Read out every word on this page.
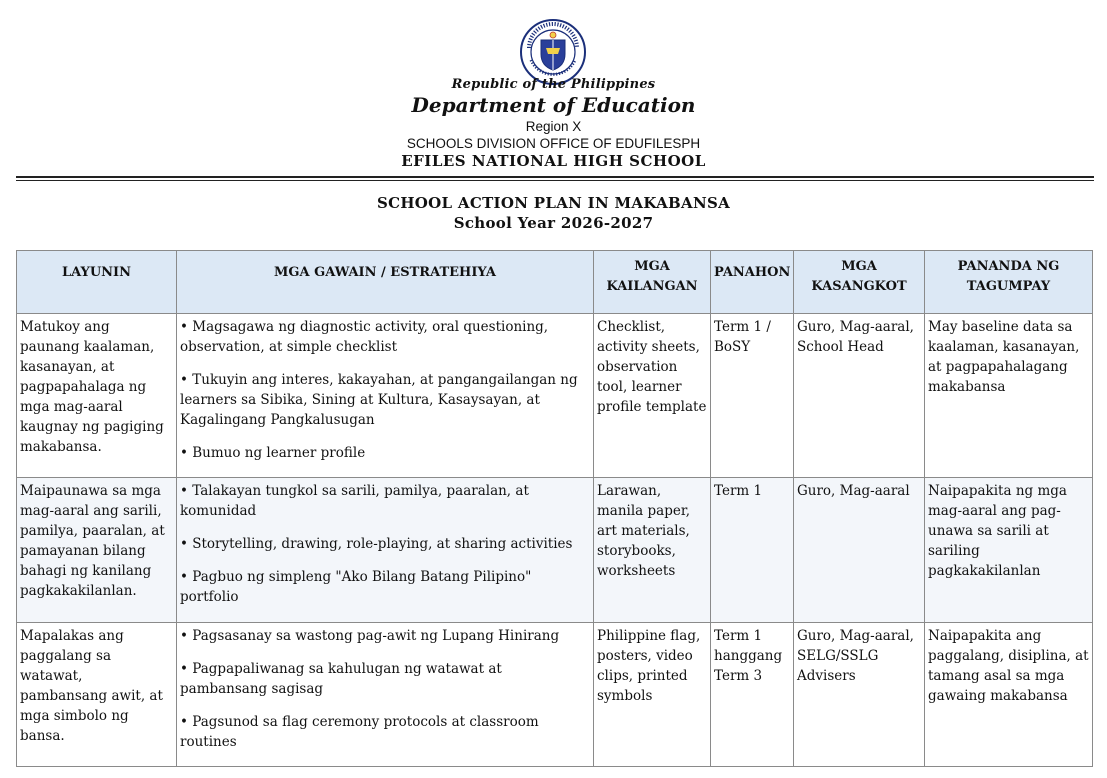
Republic of the Philippines
Department of Education
Region X
SCHOOLS DIVISION OFFICE OF EDUFILESPH
EFILES NATIONAL HIGH SCHOOL
SCHOOL ACTION PLAN IN MAKABANSA
School Year 2026-2027
LAYUNIN	MGA GAWAIN / ESTRATEHIYA	MGA KAILANGAN	PANAHON	MGA KASANGKOT	PANANDA NG TAGUMPAY
Matukoy ang paunang kaalaman, kasanayan, at pagpapahalaga ng mga mag-aaral kaugnay ng pagiging makabansa.	• Magsagawa ng diagnostic activity, oral questioning, observation, at simple checklist
• Tukuyin ang interes, kakayahan, at pangangailangan ng learners sa Sibika, Sining at Kultura, Kasaysayan, at Kagalingang Pangkalusugan
• Bumuo ng learner profile	Checklist, activity sheets, observation tool, learner profile template	Term 1 / BoSY	Guro, Mag-aaral, School Head	May baseline data sa kaalaman, kasanayan, at pagpapahalagang makabansa
Maipaunawa sa mga mag-aaral ang sarili, pamilya, paaralan, at pamayanan bilang bahagi ng kanilang pagkakakilanlan.	• Talakayan tungkol sa sarili, pamilya, paaralan, at komunidad
• Storytelling, drawing, role-playing, at sharing activities
• Pagbuo ng simpleng "Ako Bilang Batang Pilipino" portfolio	Larawan, manila paper, art materials, storybooks, worksheets	Term 1	Guro, Mag-aaral	Naipapakita ng mga mag-aaral ang pag-unawa sa sarili at sariling pagkakakilanlan
Mapalakas ang paggalang sa watawat, pambansang awit, at mga simbolo ng bansa.	• Pagsasanay sa wastong pag-awit ng Lupang Hinirang
• Pagpapaliwanag sa kahulugan ng watawat at pambansang sagisag
• Pagsunod sa flag ceremony protocols at classroom routines	Philippine flag, posters, video clips, printed symbols	Term 1 hanggang Term 3	Guro, Mag-aaral, SELG/SSLG Advisers	Naipapakita ang paggalang, disiplina, at tamang asal sa mga gawaing makabansa
